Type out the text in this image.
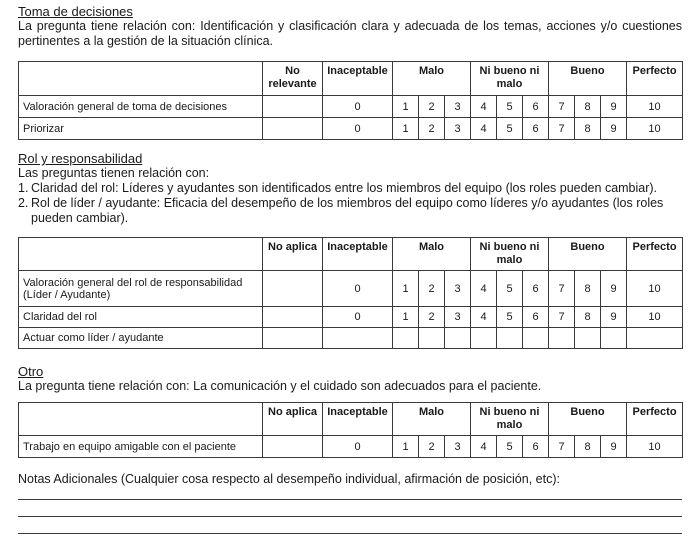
Toma de decisiones
La pregunta tiene relación con: Identificación y clasificación clara y adecuada de los temas, acciones y/o cuestiones pertinentes a la gestión de la situación clínica.
	No relevante	Inaceptable	Malo			Ni bueno ni malo			Bueno			Perfecto
Valoración general de toma de decisiones		0	1	2	3	4	5	6	7	8	9	10
Priorizar		0	1	2	3	4	5	6	7	8	9	10
Rol y responsabilidad
Las preguntas tienen relación con:
1. Claridad del rol: Líderes y ayudantes son identificados entre los miembros del equipo (los roles pueden cambiar).
2. Rol de líder / ayudante: Eficacia del desempeño de los miembros del equipo como líderes y/o ayudantes (los roles pueden cambiar).
	No aplica	Inaceptable	Malo			Ni bueno ni malo			Bueno			Perfecto
Valoración general del rol de responsabilidad (Líder / Ayudante)		0	1	2	3	4	5	6	7	8	9	10
Claridad del rol		0	1	2	3	4	5	6	7	8	9	10
Actuar como líder / ayudante												
Otro
La pregunta tiene relación con: La comunicación y el cuidado son adecuados para el paciente.
	No aplica	Inaceptable	Malo			Ni bueno ni malo			Bueno			Perfecto
Trabajo en equipo amigable con el paciente		0	1	2	3	4	5	6	7	8	9	10
Notas Adicionales (Cualquier cosa respecto al desempeño individual, afirmación de posición, etc):
